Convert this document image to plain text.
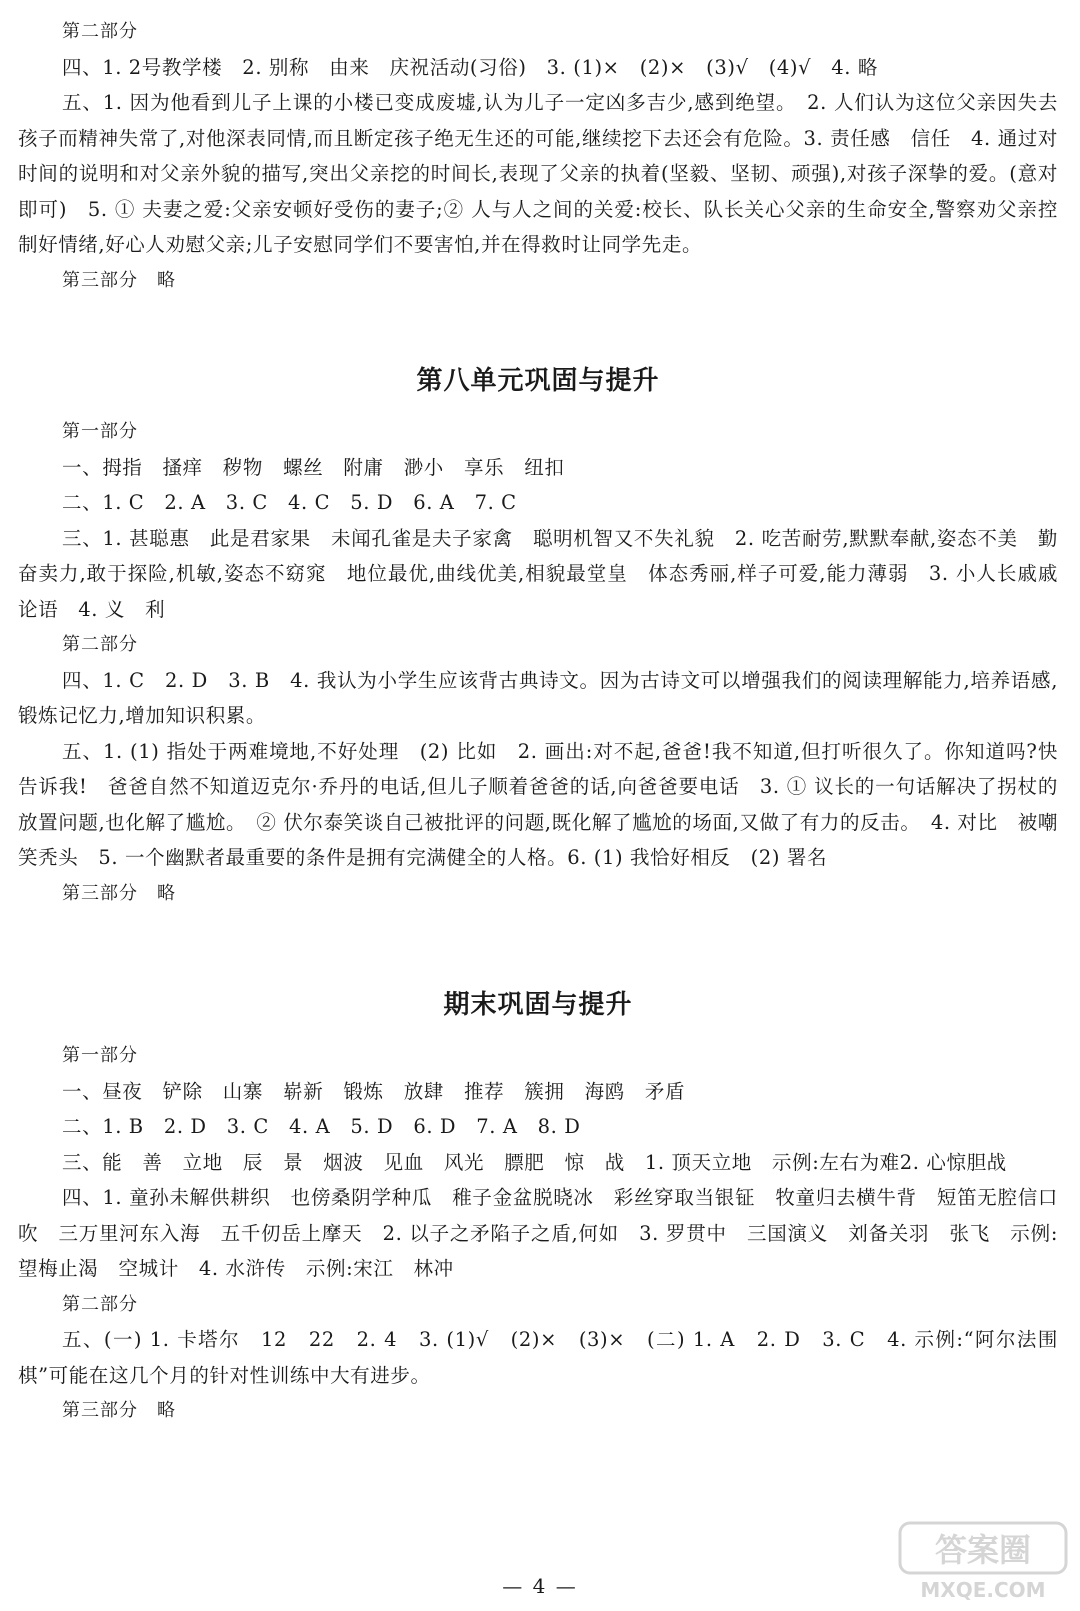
第二部分

四、1. 2号教学楼　2. 别称　由来　庆祝活动(习俗)　3. (1)×　(2)×　(3)√　(4)√　4. 略

五、1. 因为他看到儿子上课的小楼已变成废墟,认为儿子一定凶多吉少,感到绝望。　2. 人们认为这位父亲因失去孩子而精神失常了,对他深表同情,而且断定孩子绝无生还的可能,继续挖下去还会有危险。3. 责任感　信任　4. 通过对时间的说明和对父亲外貌的描写,突出父亲挖的时间长,表现了父亲的执着(坚毅、坚韧、顽强),对孩子深挚的爱。(意对即可)　5. ① 夫妻之爱:父亲安顿好受伤的妻子;② 人与人之间的关爱:校长、队长关心父亲的生命安全,警察劝父亲控制好情绪,好心人劝慰父亲;儿子安慰同学们不要害怕,并在得救时让同学先走。

第三部分　略

第八单元巩固与提升

第一部分

一、拇指　搔痒　秽物　螺丝　附庸　渺小　享乐　纽扣

二、1. C　2. A　3. C　4. C　5. D　6. A　7. C

三、1. 甚聪惠　此是君家果　未闻孔雀是夫子家禽　聪明机智又不失礼貌　2. 吃苦耐劳,默默奉献,姿态不美　勤奋卖力,敢于探险,机敏,姿态不窈窕　地位最优,曲线优美,相貌最堂皇　体态秀丽,样子可爱,能力薄弱　3. 小人长戚戚　论语　4. 义　利

第二部分

四、1. C　2. D　3. B　4. 我认为小学生应该背古典诗文。因为古诗文可以增强我们的阅读理解能力,培养语感,锻炼记忆力,增加知识积累。

五、1. (1) 指处于两难境地,不好处理　(2) 比如　2. 画出:对不起,爸爸!我不知道,但打听很久了。你知道吗?快告诉我!　爸爸自然不知道迈克尔·乔丹的电话,但儿子顺着爸爸的话,向爸爸要电话　3. ① 议长的一句话解决了拐杖的放置问题,也化解了尴尬。　② 伏尔泰笑谈自己被批评的问题,既化解了尴尬的场面,又做了有力的反击。　4. 对比　被嘲笑秃头　5. 一个幽默者最重要的条件是拥有完满健全的人格。6. (1) 我恰好相反　(2) 署名

第三部分　略

期末巩固与提升

第一部分

一、昼夜　铲除　山寨　崭新　锻炼　放肆　推荐　簇拥　海鸥　矛盾

二、1. B　2. D　3. C　4. A　5. D　6. D　7. A　8. D

三、能　善　立地　辰　景　烟波　见血　风光　膘肥　惊　战　1. 顶天立地　示例:左右为难2. 心惊胆战

四、1. 童孙未解供耕织　也傍桑阴学种瓜　稚子金盆脱晓冰　彩丝穿取当银钲　牧童归去横牛背　短笛无腔信口吹　三万里河东入海　五千仞岳上摩天　2. 以子之矛陷子之盾,何如　3. 罗贯中　三国演义　刘备关羽　张飞　示例:望梅止渴　空城计　4. 水浒传　示例:宋江　林冲

第二部分

五、(一) 1. 卡塔尔　12　22　2. 4　3. (1)√　(2)×　(3)×　(二) 1. A　2. D　3. C　4. 示例:“阿尔法围棋”可能在这几个月的针对性训练中大有进步。

第三部分　略

— 4 —
答案圈
MXQE.COM
